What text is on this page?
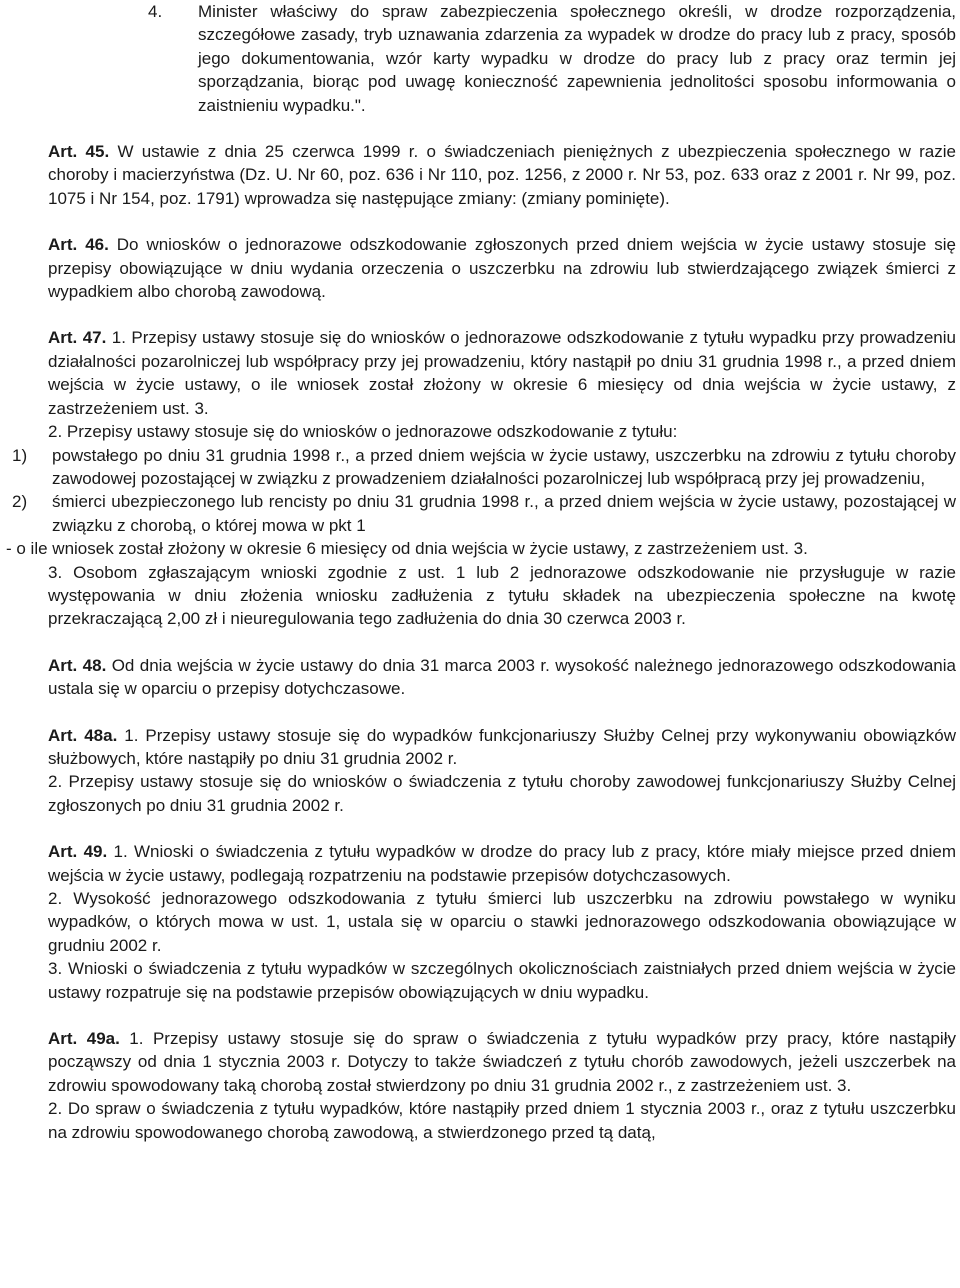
4.	Minister właściwy do spraw zabezpieczenia społecznego określi, w drodze rozporządzenia, szczegółowe zasady, tryb uznawania zdarzenia za wypadek w drodze do pracy lub z pracy, sposób jego dokumentowania, wzór karty wypadku w drodze do pracy lub z pracy oraz termin jej sporządzania, biorąc pod uwagę konieczność zapewnienia jednolitości sposobu informowania o zaistnieniu wypadku.".

Art. 45. W ustawie z dnia 25 czerwca 1999 r. o świadczeniach pieniężnych z ubezpieczenia społecznego w razie choroby i macierzyństwa (Dz. U. Nr 60, poz. 636 i Nr 110, poz. 1256, z 2000 r. Nr 53, poz. 633 oraz z 2001 r. Nr 99, poz. 1075 i Nr 154, poz. 1791) wprowadza się następujące zmiany: (zmiany pominięte).

Art. 46. Do wniosków o jednorazowe odszkodowanie zgłoszonych przed dniem wejścia w życie ustawy stosuje się przepisy obowiązujące w dniu wydania orzeczenia o uszczerbku na zdrowiu lub stwierdzającego związek śmierci z wypadkiem albo chorobą zawodową.

Art. 47. 1. Przepisy ustawy stosuje się do wniosków o jednorazowe odszkodowanie z tytułu wypadku przy prowadzeniu działalności pozarolniczej lub współpracy przy jej prowadzeniu, który nastąpił po dniu 31 grudnia 1998 r., a przed dniem wejścia w życie ustawy, o ile wniosek został złożony w okresie 6 miesięcy od dnia wejścia w życie ustawy, z zastrzeżeniem ust. 3.

2. Przepisy ustawy stosuje się do wniosków o jednorazowe odszkodowanie z tytułu:

1)	powstałego po dniu 31 grudnia 1998 r., a przed dniem wejścia w życie ustawy, uszczerbku na zdrowiu z tytułu choroby zawodowej pozostającej w związku z prowadzeniem działalności pozarolniczej lub współpracą przy jej prowadzeniu,

2)	śmierci ubezpieczonego lub rencisty po dniu 31 grudnia 1998 r., a przed dniem wejścia w życie ustawy, pozostającej w związku z chorobą, o której mowa w pkt 1

- o ile wniosek został złożony w okresie 6 miesięcy od dnia wejścia w życie ustawy, z zastrzeżeniem ust. 3.

3. Osobom zgłaszającym wnioski zgodnie z ust. 1 lub 2 jednorazowe odszkodowanie nie przysługuje w razie występowania w dniu złożenia wniosku zadłużenia z tytułu składek na ubezpieczenia społeczne na kwotę przekraczającą 2,00 zł i nieuregulowania tego zadłużenia do dnia 30 czerwca 2003 r.

Art. 48. Od dnia wejścia w życie ustawy do dnia 31 marca 2003 r. wysokość należnego jednorazowego odszkodowania ustala się w oparciu o przepisy dotychczasowe.

Art. 48a. 1. Przepisy ustawy stosuje się do wypadków funkcjonariuszy Służby Celnej przy wykonywaniu obowiązków służbowych, które nastąpiły po dniu 31 grudnia 2002 r.

2. Przepisy ustawy stosuje się do wniosków o świadczenia z tytułu choroby zawodowej funkcjonariuszy Służby Celnej zgłoszonych po dniu 31 grudnia 2002 r.

Art. 49. 1. Wnioski o świadczenia z tytułu wypadków w drodze do pracy lub z pracy, które miały miejsce przed dniem wejścia w życie ustawy, podlegają rozpatrzeniu na podstawie przepisów dotychczasowych.

2. Wysokość jednorazowego odszkodowania z tytułu śmierci lub uszczerbku na zdrowiu powstałego w wyniku wypadków, o których mowa w ust. 1, ustala się w oparciu o stawki jednorazowego odszkodowania obowiązujące w grudniu 2002 r.

3. Wnioski o świadczenia z tytułu wypadków w szczególnych okolicznościach zaistniałych przed dniem wejścia w życie ustawy rozpatruje się na podstawie przepisów obowiązujących w dniu wypadku.

Art. 49a. 1. Przepisy ustawy stosuje się do spraw o świadczenia z tytułu wypadków przy pracy, które nastąpiły począwszy od dnia 1 stycznia 2003 r. Dotyczy to także świadczeń z tytułu chorób zawodowych, jeżeli uszczerbek na zdrowiu spowodowany taką chorobą został stwierdzony po dniu 31 grudnia 2002 r., z zastrzeżeniem ust. 3.

2. Do spraw o świadczenia z tytułu wypadków, które nastąpiły przed dniem 1 stycznia 2003 r., oraz z tytułu uszczerbku na zdrowiu spowodowanego chorobą zawodową, a stwierdzonego przed tą datą,
